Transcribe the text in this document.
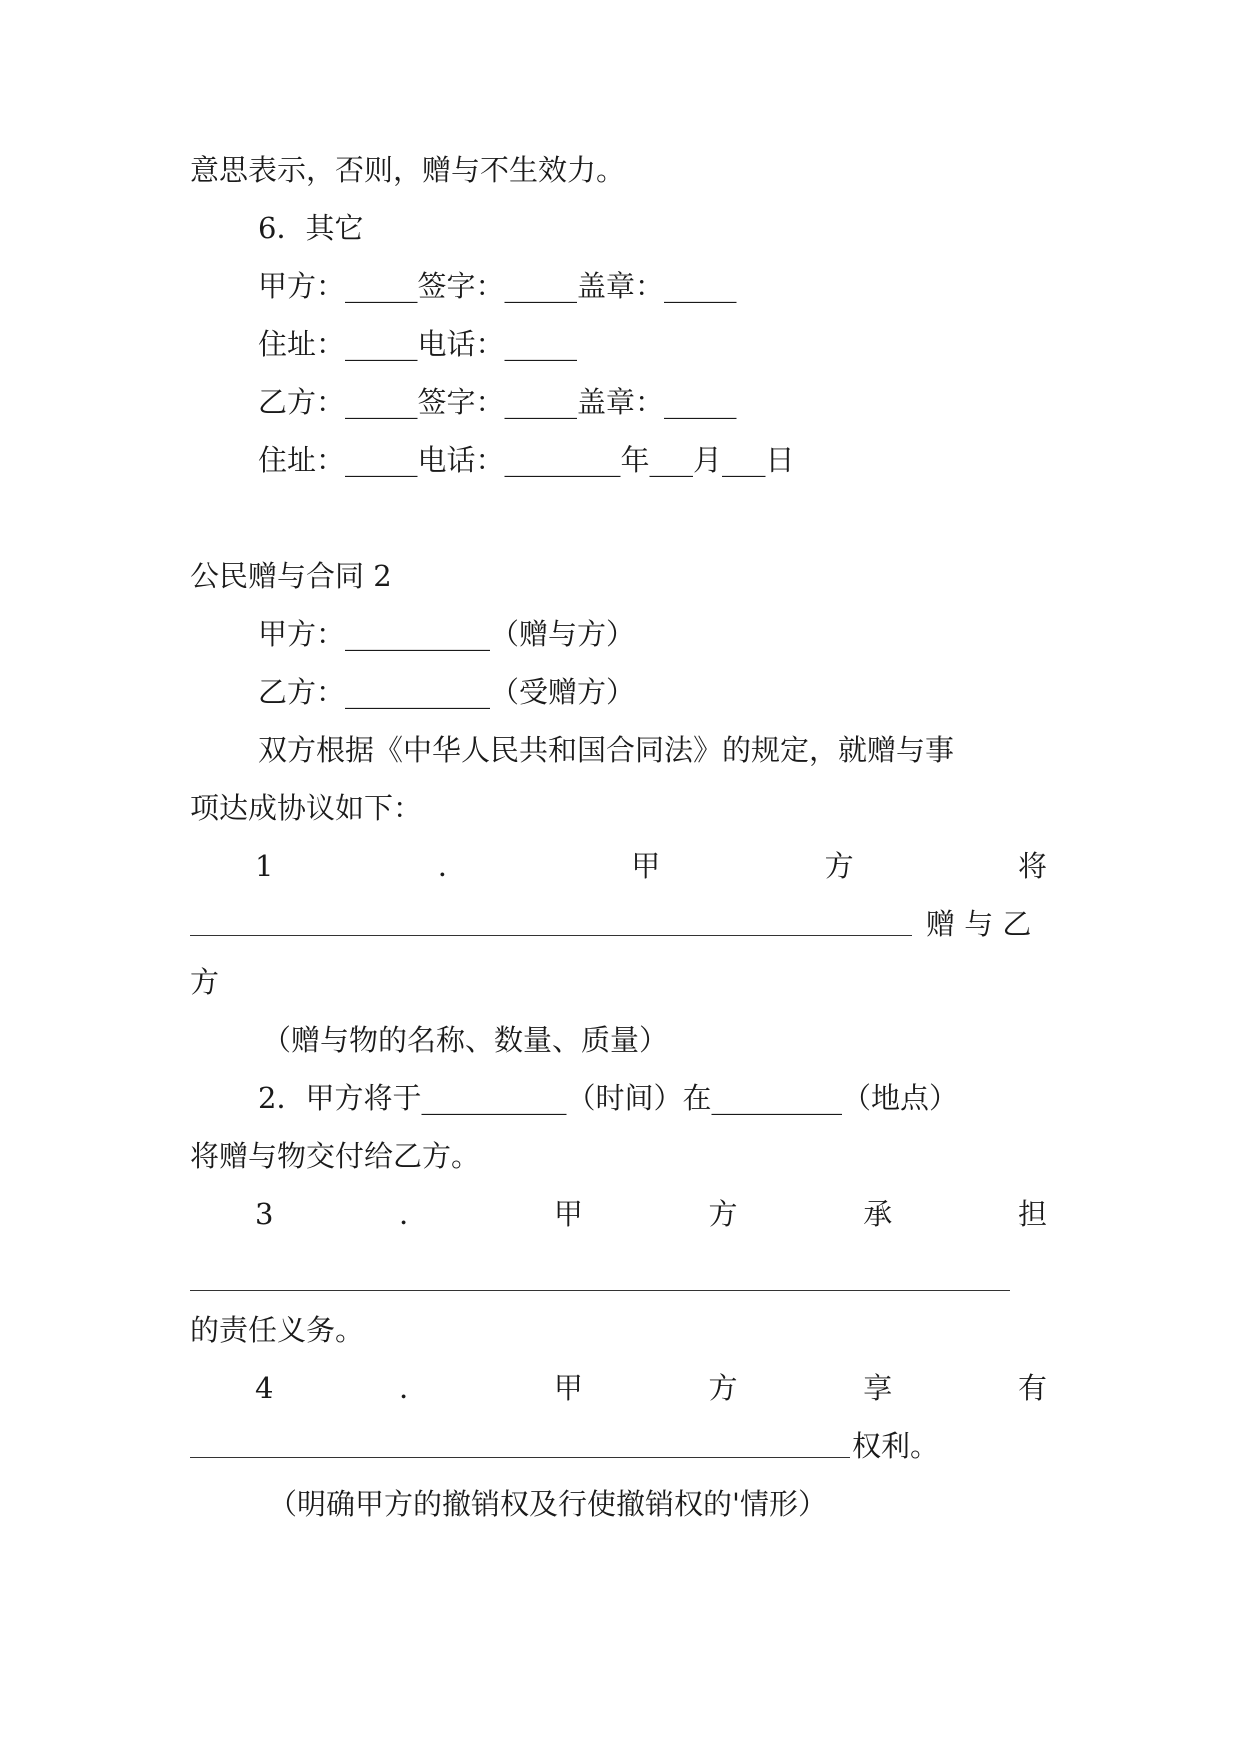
意思表示，否则，赠与不生效力。
6．其它
甲方：_____签字：_____盖章：_____
住址：_____电话：_____
乙方：_____签字：_____盖章：_____
住址：_____电话：________年___月___日
公民赠与合同 2
甲方：__________（赠与方）
乙方：__________（受赠方）
双方根据《中华人民共和国合同法》的规定，就赠与事
项达成协议如下：
1	．	甲	方	将
赠 与 乙
方
（赠与物的名称、数量、质量）
2．甲方将于__________（时间）在_________（地点）
将赠与物交付给乙方。
3	．	甲	方	承	担
的责任义务。
4	．	甲	方	享	有
权利。
（明确甲方的撤销权及行使撤销权的'情形）
